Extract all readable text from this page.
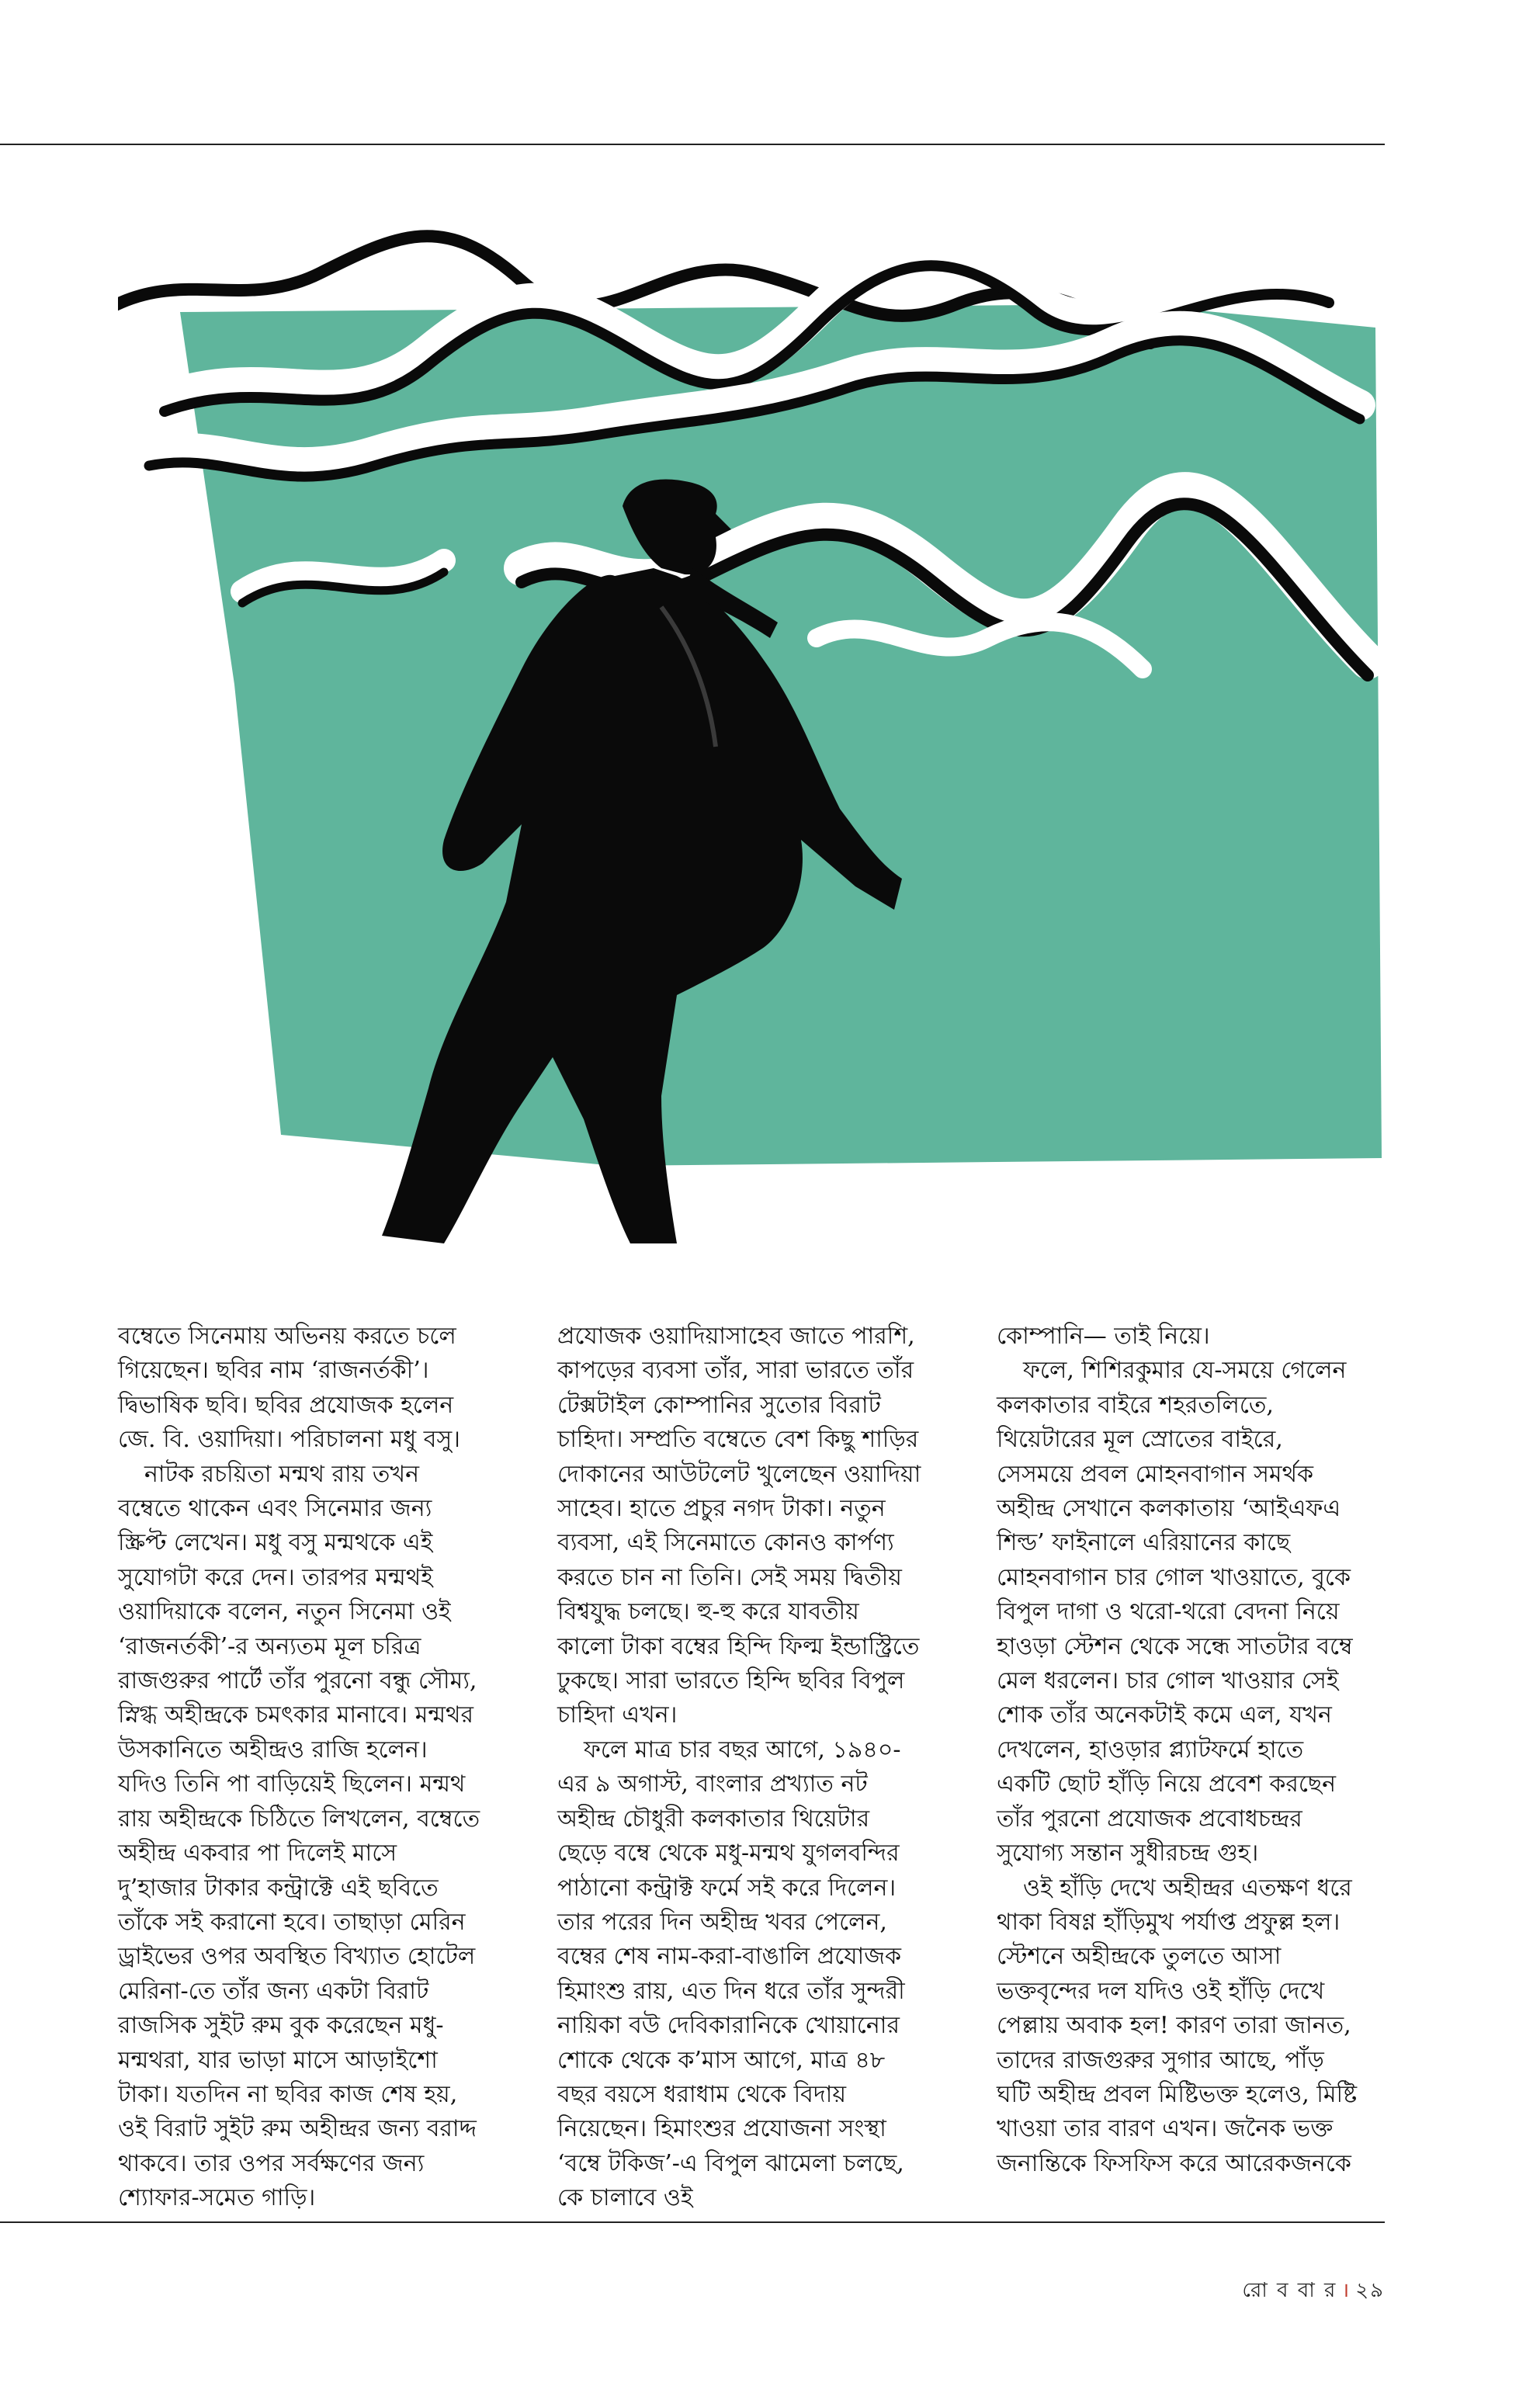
বম্বেতে সিনেমায় অভিনয় করতে চলে গিয়েছেন। ছবির নাম ‘রাজনর্তকী’। দ্বিভাষিক ছবি। ছবির প্রযোজক হলেন জে. বি. ওয়াদিয়া। পরিচালনা মধু বসু।

নাটক রচয়িতা মন্মথ রায় তখন বম্বেতে থাকেন এবং সিনেমার জন্য স্ক্রিপ্ট লেখেন। মধু বসু মন্মথকে এই সুযোগটা করে দেন। তারপর মন্মথই ওয়াদিয়াকে বলেন, নতুন সিনেমা ওই ‘রাজনর্তকী’-র অন্যতম মূল চরিত্র রাজগুরুর পার্টে তাঁর পুরনো বন্ধু সৌম্য, স্নিগ্ধ অহীন্দ্রকে চমৎকার মানাবে। মন্মথর উসকানিতে অহীন্দ্রও রাজি হলেন। যদিও তিনি পা বাড়িয়েই ছিলেন। মন্মথ রায় অহীন্দ্রকে চিঠিতে লিখলেন, বম্বেতে অহীন্দ্র একবার পা দিলেই মাসে দু’হাজার টাকার কন্ট্রাক্টে এই ছবিতে তাঁকে সই করানো হবে। তাছাড়া মেরিন ড্রাইভের ওপর অবস্থিত বিখ্যাত হোটেল মেরিনা-তে তাঁর জন্য একটা বিরাট রাজসিক সুইট রুম বুক করেছেন মধু-মন্মথরা, যার ভাড়া মাসে আড়াইশো টাকা। যতদিন না ছবির কাজ শেষ হয়, ওই বিরাট সুইট রুম অহীন্দ্রর জন্য বরাদ্দ থাকবে। তার ওপর সর্বক্ষণের জন্য শ্যোফার-সমেত গাড়ি।

প্রযোজক ওয়াদিয়াসাহেব জাতে পারশি, কাপড়ের ব্যবসা তাঁর, সারা ভারতে তাঁর টেক্সটাইল কোম্পানির সুতোর বিরাট চাহিদা। সম্প্রতি বম্বেতে বেশ কিছু শাড়ির দোকানের আউটলেট খুলেছেন ওয়াদিয়া সাহেব। হাতে প্রচুর নগদ টাকা। নতুন ব্যবসা, এই সিনেমাতে কোনও কার্পণ্য করতে চান না তিনি। সেই সময় দ্বিতীয় বিশ্বযুদ্ধ চলছে। হু-হু করে যাবতীয় কালো টাকা বম্বের হিন্দি ফিল্ম ইন্ডাস্ট্রিতে ঢুকছে। সারা ভারতে হিন্দি ছবির বিপুল চাহিদা এখন।

ফলে মাত্র চার বছর আগে, ১৯৪০-এর ৯ অগাস্ট, বাংলার প্রখ্যাত নট অহীন্দ্র চৌধুরী কলকাতার থিয়েটার ছেড়ে বম্বে থেকে মধু-মন্মথ যুগলবন্দির পাঠানো কন্ট্রাক্ট ফর্মে সই করে দিলেন। তার পরের দিন অহীন্দ্র খবর পেলেন, বম্বের শেষ নাম-করা-বাঙালি প্রযোজক হিমাংশু রায়, এত দিন ধরে তাঁর সুন্দরী নায়িকা বউ দেবিকারানিকে খোয়ানোর শোকে থেকে ক’মাস আগে, মাত্র ৪৮ বছর বয়সে ধরাধাম থেকে বিদায় নিয়েছেন। হিমাংশুর প্রযোজনা সংস্থা ‘বম্বে টকিজ’-এ বিপুল ঝামেলা চলছে, কে চালাবে ওই

কোম্পানি— তাই নিয়ে।

ফলে, শিশিরকুমার যে-সময়ে গেলেন কলকাতার বাইরে শহরতলিতে, থিয়েটারের মূল স্রোতের বাইরে, সেসময়ে প্রবল মোহনবাগান সমর্থক অহীন্দ্র সেখানে কলকাতায় ‘আইএফএ শিল্ড’ ফাইনালে এরিয়ানের কাছে মোহনবাগান চার গোল খাওয়াতে, বুকে বিপুল দাগা ও থরো-থরো বেদনা নিয়ে হাওড়া স্টেশন থেকে সন্ধে সাতটার বম্বে মেল ধরলেন। চার গোল খাওয়ার সেই শোক তাঁর অনেকটাই কমে এল, যখন দেখলেন, হাওড়ার প্ল্যাটফর্মে হাতে একটি ছোট হাঁড়ি নিয়ে প্রবেশ করছেন তাঁর পুরনো প্রযোজক প্রবোধচন্দ্রর সুযোগ্য সন্তান সুধীরচন্দ্র গুহ।

ওই হাঁড়ি দেখে অহীন্দ্রর এতক্ষণ ধরে থাকা বিষণ্ণ হাঁড়িমুখ পর্যাপ্ত প্রফুল্ল হল। স্টেশনে অহীন্দ্রকে তুলতে আসা ভক্তবৃন্দের দল যদিও ওই হাঁড়ি দেখে পেল্লায় অবাক হল! কারণ তারা জানত, তাদের রাজগুরুর সুগার আছে, পাঁড় ঘটি অহীন্দ্র প্রবল মিষ্টিভক্ত হলেও, মিষ্টি খাওয়া তার বারণ এখন। জনৈক ভক্ত জনান্তিকে ফিসফিস করে আরেকজনকে

রো ব বা র । ২৯
